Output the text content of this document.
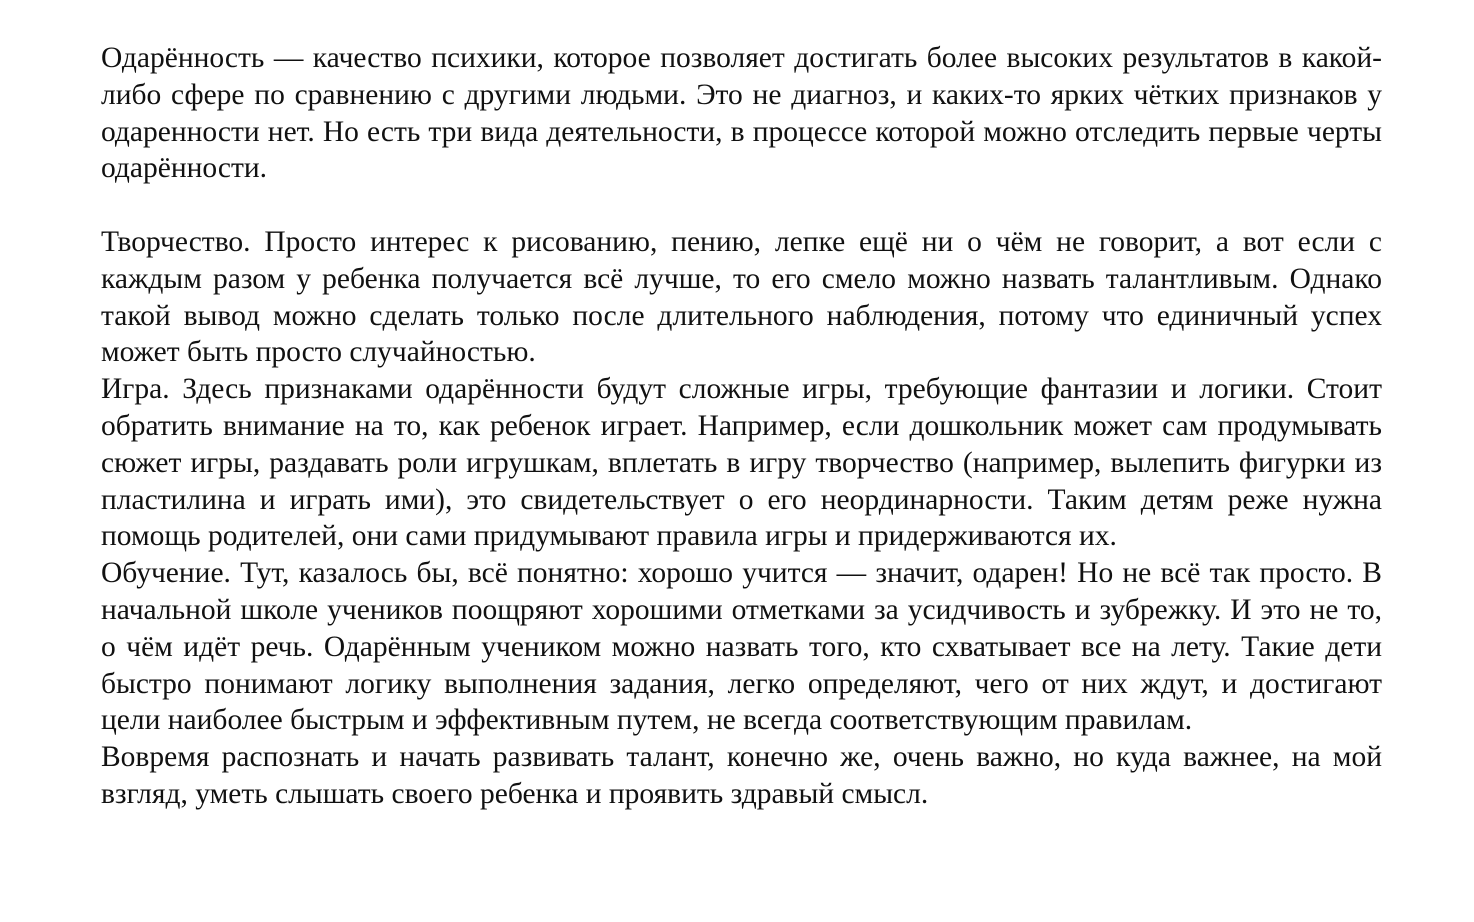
Одарённость — качество психики, которое позволяет достигать более высоких результатов в какой-либо сфере по сравнению с другими людьми. Это не диагноз, и каких-то ярких чётких признаков у одаренности нет. Но есть три вида деятельности, в процессе которой можно отследить первые черты одарённости.

Творчество. Просто интерес к рисованию, пению, лепке ещё ни о чём не говорит, а вот если с каждым разом у ребенка получается всё лучше, то его смело можно назвать талантливым. Однако такой вывод можно сделать только после длительного наблюдения, потому что единичный успех может быть просто случайностью.

Игра. Здесь признаками одарённости будут сложные игры, требующие фантазии и логики. Стоит обратить внимание на то, как ребенок играет. Например, если дошкольник может сам продумывать сюжет игры, раздавать роли игрушкам, вплетать в игру творчество (например, вылепить фигурки из пластилина и играть ими), это свидетельствует о его неординарности. Таким детям реже нужна помощь родителей, они сами придумывают правила игры и придерживаются их.

Обучение. Тут, казалось бы, всё понятно: хорошо учится — значит, одарен! Но не всё так просто. В начальной школе учеников поощряют хорошими отметками за усидчивость и зубрежку. И это не то, о чём идёт речь. Одарённым учеником можно назвать того, кто схватывает все на лету. Такие дети быстро понимают логику выполнения задания, легко определяют, чего от них ждут, и достигают цели наиболее быстрым и эффективным путем, не всегда соответствующим правилам.

Вовремя распознать и начать развивать талант, конечно же, очень важно, но куда важнее, на мой взгляд, уметь слышать своего ребенка и проявить здравый смысл.
